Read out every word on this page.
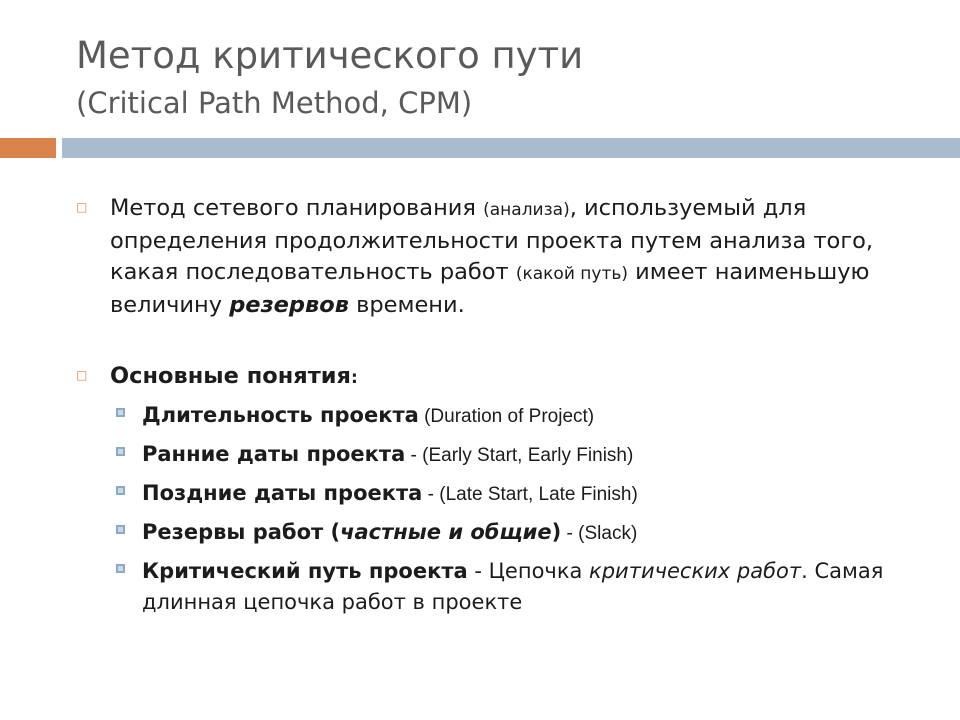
Метод критического пути
(Critical Path Method, CPM)
□ Метод сетевого планирования (анализа), используемый для определения продолжительности проекта путем анализа того, какая последовательность работ (какой путь) имеет наименьшую величину резервов времени.
□ Основные понятия:
Длительность проекта (Duration of Project)
Ранние даты проекта - (Early Start, Early Finish)
Поздние даты проекта - (Late Start, Late Finish)
Резервы работ (частные и общие) - (Slack)
Критический путь проекта - Цепочка критических работ. Самая длинная цепочка работ в проекте
